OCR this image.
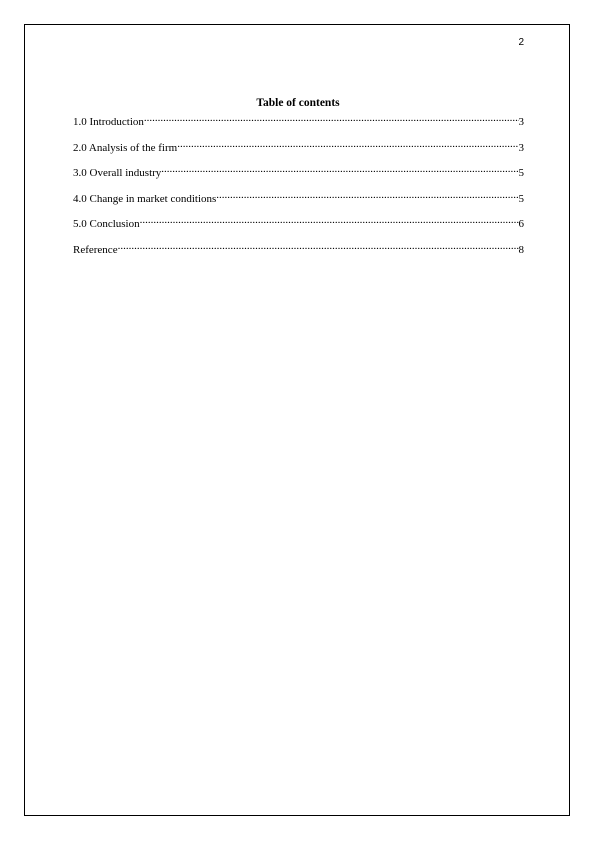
2
Table of contents
1.0 Introduction .....	3
2.0 Analysis of the firm .....	3
3.0 Overall industry .....	5
4.0 Change in market conditions .....	5
5.0 Conclusion .....	6
Reference .....	8
